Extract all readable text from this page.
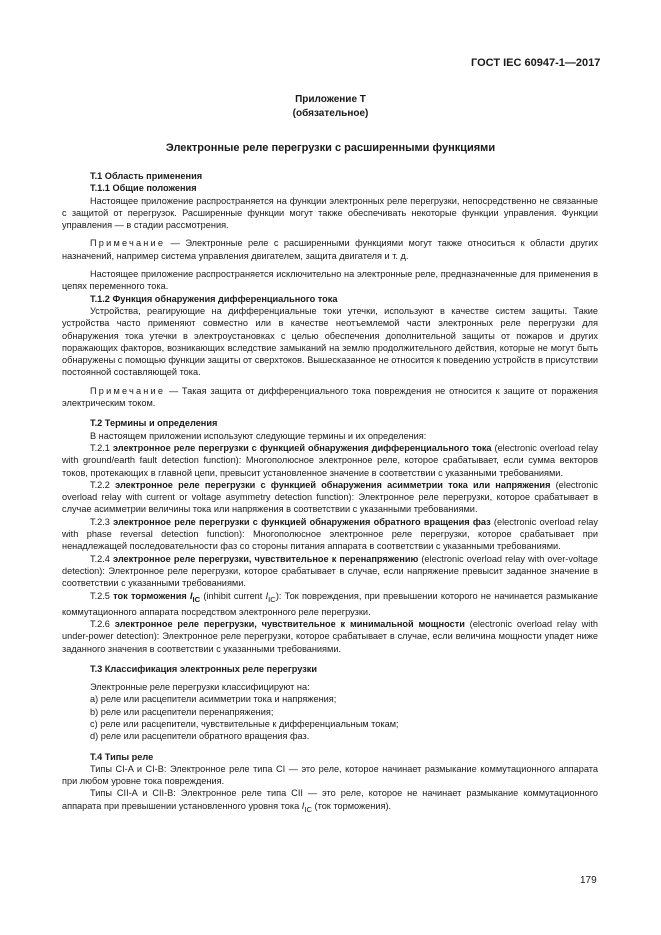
ГОСТ IEC 60947-1—2017
Приложение T
(обязательное)
Электронные реле перегрузки с расширенными функциями

T.1 Область применения

T.1.1 Общие положения

Настоящее приложение распространяется на функции электронных реле перегрузки, непосредственно не связанные с защитой от перегрузок. Расширенные функции могут также обеспечивать некоторые функции управления. Функции управления — в стадии рассмотрения.

Примечание — Электронные реле с расширенными функциями могут также относиться к области других назначений, например система управления двигателем, защита двигателя и т. д.

Настоящее приложение распространяется исключительно на электронные реле, предназначенные для применения в цепях переменного тока.

T.1.2 Функция обнаружения дифференциального тока

Устройства, реагирующие на дифференциальные токи утечки, используют в качестве систем защиты. Такие устройства часто применяют совместно или в качестве неотъемлемой части электронных реле перегрузки для обнаружения тока утечки в электроустановках с целью обеспечения дополнительной защиты от пожаров и других поражающих факторов, возникающих вследствие замыканий на землю продолжительного действия, которые не могут быть обнаружены с помощью функции защиты от сверхтоков. Вышесказанное не относится к поведению устройств в присутствии постоянной составляющей тока.

Примечание — Такая защита от дифференциального тока повреждения не относится к защите от поражения электрическим током.

T.2 Термины и определения

В настоящем приложении используют следующие термины и их определения:

T.2.1 электронное реле перегрузки с функцией обнаружения дифференциального тока (electronic overload relay with ground/earth fault detection function): Многополюсное электронное реле, которое срабатывает, если сумма векторов токов, протекающих в главной цепи, превысит установленное значение в соответствии с указанными требованиями.

T.2.2 электронное реле перегрузки с функцией обнаружения асимметрии тока или напряжения (electronic overload relay with current or voltage asymmetry detection function): Электронное реле перегрузки, которое срабатывает в случае асимметрии величины тока или напряжения в соответствии с указанными требованиями.

T.2.3 электронное реле перегрузки с функцией обнаружения обратного вращения фаз (electronic overload relay with phase reversal detection function): Многополюсное электронное реле перегрузки, которое срабатывает при ненадлежащей последовательности фаз со стороны питания аппарата в соответствии с указанными требованиями.

T.2.4 электронное реле перегрузки, чувствительное к перенапряжению (electronic overload relay with over-voltage detection): Электронное реле перегрузки, которое срабатывает в случае, если напряжение превысит заданное значение в соответствии с указанными требованиями.

T.2.5 ток торможения $I_{IC}$ (inhibit current $I_{IC}$): Ток повреждения, при превышении которого не начинается размыкание коммутационного аппарата посредством электронного реле перегрузки.

T.2.6 электронное реле перегрузки, чувствительное к минимальной мощности (electronic overload relay with under-power detection): Электронное реле перегрузки, которое срабатывает в случае, если величина мощности упадет ниже заданного значения в соответствии с указанными требованиями.

T.3 Классификация электронных реле перегрузки

Электронные реле перегрузки классифицируют на:

a) реле или расцепители асимметрии тока и напряжения;

b) реле или расцепители перенапряжения;

c) реле или расцепители, чувствительные к дифференциальным токам;

d) реле или расцепители обратного вращения фаз.

T.4 Типы реле

Типы CI-A и CI-B: Электронное реле типа CI — это реле, которое начинает размыкание коммутационного аппарата при любом уровне тока повреждения.

Типы CII-A и CII-B: Электронное реле типа CII — это реле, которое не начинает размыкание коммутационного аппарата при превышении установленного уровня тока $I_{IC}$ (ток торможения).

179
